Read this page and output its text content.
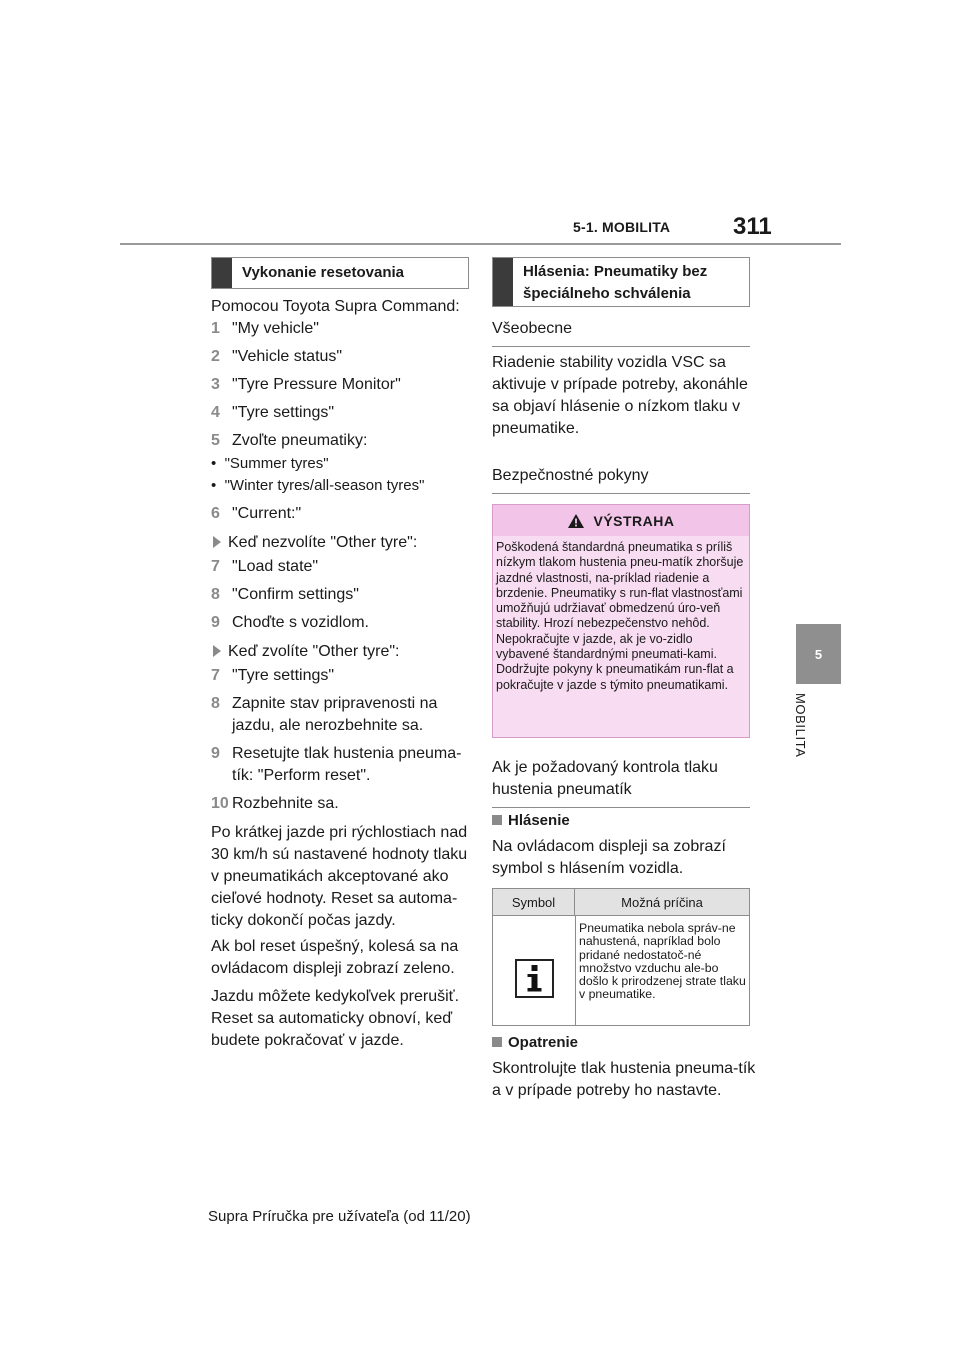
5-1. MOBILITA	311
5
MOBILITA
Vykonanie resetovania
Pomocou Toyota Supra Command:
1 "My vehicle"
2 "Vehicle status"
3 "Tyre Pressure Monitor"
4 "Tyre settings"
5 Zvoľte pneumatiky:
•  "Summer tyres"
•  "Winter tyres/all-season tyres"
6 "Current:"
Keď nezvolíte "Other tyre":
7 "Load state"
8 "Confirm settings"
9 Choďte s vozidlom.
Keď zvolíte "Other tyre":
7 "Tyre settings"
8 Zapnite stav pripravenosti na jazdu, ale nerozbehnite sa.
9 Resetujte tlak hustenia pneuma-tík: "Perform reset".
10 Rozbehnite sa.
Po krátkej jazde pri rýchlostiach nad 30 km/h sú nastavené hodnoty tlaku v pneumatikách akceptované ako cieľové hodnoty. Reset sa automa-ticky dokončí počas jazdy.
Ak bol reset úspešný, kolesá sa na ovládacom displeji zobrazí zeleno.
Jazdu môžete kedykoľvek prerušiť. Reset sa automaticky obnoví, keď budete pokračovať v jazde.
Hlásenia: Pneumatiky bez špeciálneho schválenia
Všeobecne
Riadenie stability vozidla VSC sa aktivuje v prípade potreby, akonáhle sa objaví hlásenie o nízkom tlaku v pneumatike.
Bezpečnostné pokyny
VÝSTRAHA
Poškodená štandardná pneumatika s príliš nízkym tlakom hustenia pneu-matík zhoršuje jazdné vlastnosti, na-príklad riadenie a brzdenie. Pneumatiky s run-flat vlastnosťami umožňujú udržiavať obmedzenú úro-veň stability. Hrozí nebezpečenstvo nehôd. Nepokračujte v jazde, ak je vo-zidlo vybavené štandardnými pneumati-kami. Dodržujte pokyny k pneumatikám run-flat a pokračujte v jazde s týmito pneumatikami.
Ak je požadovaný kontrola tlaku hustenia pneumatík
Hlásenie
Na ovládacom displeji sa zobrazí symbol s hlásením vozidla.
Symbol	Možná príčina
Pneumatika nebola správ-ne nahustená, napríklad bolo pridané nedostatoč-né množstvo vzduchu ale-bo došlo k prirodzenej strate tlaku v pneumatike.
Opatrenie
Skontrolujte tlak hustenia pneuma-tík a v prípade potreby ho nastavte.
Supra Príručka pre užívateľa (od 11/20)
